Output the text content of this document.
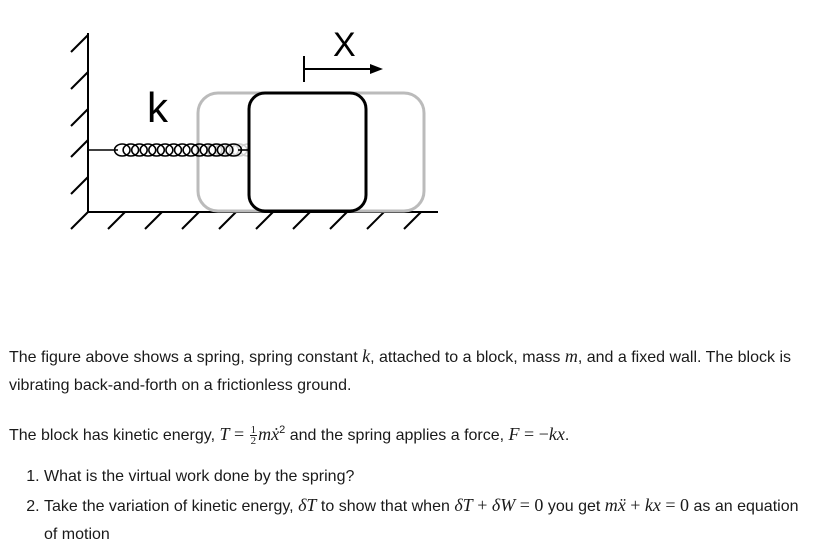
k
X

The figure above shows a spring, spring constant k, attached to a block, mass m, and a fixed wall. The block is vibrating back-and-forth on a frictionless ground.

The block has kinetic energy, $T = \frac{1}{2}$ mẋ$^2$ and the spring applies a force, F = −kx.

1. What is the virtual work done by the spring?
2. Take the variation of kinetic energy, δT to show that when δT + δW = 0 you get mẍ + kx = 0 as an equation of motion
